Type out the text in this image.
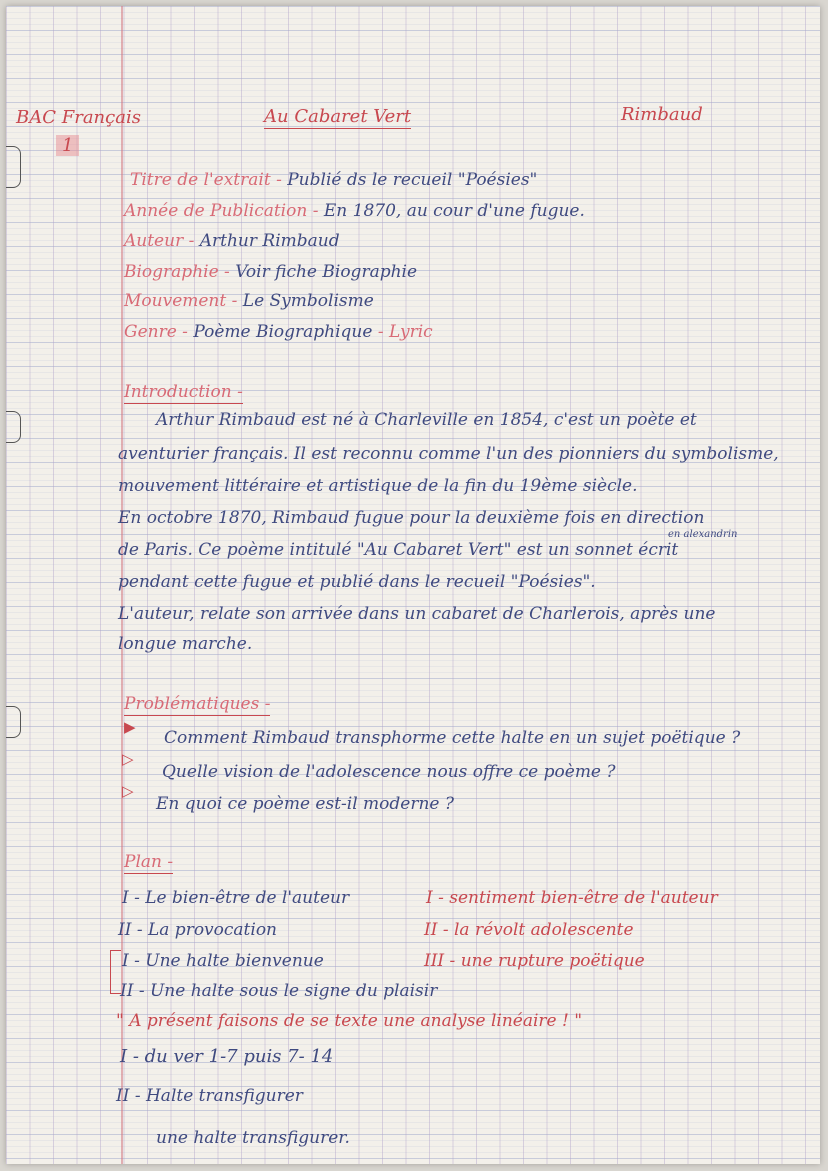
BAC Français
1
Au Cabaret Vert	Rimbaud
Titre de l'extrait - Publié ds le recueil "Poésies"
Année de Publication - En 1870, au cour d'une fugue.
Auteur - Arthur Rimbaud
Biographie - Voir fiche Biographie
Mouvement - Le Symbolisme
Genre - Poème Biographique - Lyric
Introduction -
Arthur Rimbaud est né à Charleville en 1854, c'est un poète et
aventurier français. Il est reconnu comme l'un des pionniers du symbolisme,
mouvement littéraire et artistique de la fin du 19ème siècle.
En octobre 1870, Rimbaud fugue pour la deuxième fois en direction
en alexandrin
de Paris. Ce poème intitulé "Au Cabaret Vert" est un sonnet écrit
pendant cette fugue et publié dans le recueil "Poésies".
L'auteur, relate son arrivée dans un cabaret de Charlerois, après une
longue marche.
Problématiques -
▶
Comment Rimbaud transphorme cette halte en un sujet poëtique ?
▷
Quelle vision de l'adolescence nous offre ce poème ?
▷
En quoi ce poème est-il moderne ?
Plan -
I - Le bien-être de l'auteur
II - La provocation
I - Une halte bienvenue
II - Une halte sous le signe du plaisir
I - sentiment bien-être de l'auteur
II - la révolt adolescente
III - une rupture poëtique
" A présent faisons de se texte une analyse linéaire ! "
I - du ver 1-7 puis 7- 14
II - Halte transfigurer
une halte transfigurer.
